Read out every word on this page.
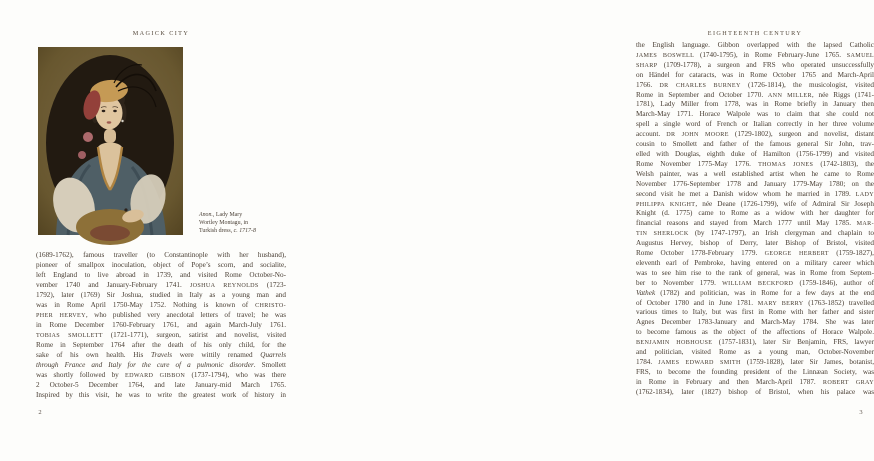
MAGICK CITY
Anon., Lady Mary
Wortley Montagu, in
Turkish dress, c. 1717-8
(1689-1762), famous traveller (to Constantinople with her husband),
pioneer of smallpox inoculation, object of Pope’s scorn, and socialite,
left England to live abroad in 1739, and visited Rome October-No-
vember 1740 and January-February 1741. JOSHUA REYNOLDS (1723-
1792), later (1769) Sir Joshua, studied in Italy as a young man and
was in Rome April 1750-May 1752. Nothing is known of CHRISTO-
PHER HERVEY, who published very anecdotal letters of travel; he was
in Rome December 1760-February 1761, and again March-July 1761.
TOBIAS SMOLLETT (1721-1771), surgeon, satirist and novelist, visited
Rome in September 1764 after the death of his only child, for the
sake of his own health. His Travels were wittily renamed Quarrels
through France and Italy for the cure of a pulmonic disorder. Smollett
was shortly followed by EDWARD GIBBON (1737-1794), who was there
2 October-5 December 1764, and late January-mid March 1765.
Inspired by this visit, he was to write the greatest work of history in
2
EIGHTEENTH CENTURY
the English language. Gibbon overlapped with the lapsed Catholic
JAMES BOSWELL (1740-1795), in Rome February-June 1765. SAMUEL
SHARP (1709-1778), a surgeon and FRS who operated unsuccessfully
on Händel for cataracts, was in Rome October 1765 and March-April
1766. DR CHARLES BURNEY (1726-1814), the musicologist, visited
Rome in September and October 1770. ANN MILLER, née Riggs (1741-
1781), Lady Miller from 1778, was in Rome briefly in January then
March-May 1771. Horace Walpole was to claim that she could not
spell a single word of French or Italian correctly in her three volume
account. DR JOHN MOORE (1729-1802), surgeon and novelist, distant
cousin to Smollett and father of the famous general Sir John, trav-
elled with Douglas, eighth duke of Hamilton (1756-1799) and visited
Rome November 1775-May 1776. THOMAS JONES (1742-1803), the
Welsh painter, was a well established artist when he came to Rome
November 1776-September 1778 and January 1779-May 1780; on the
second visit he met a Danish widow whom he married in 1789. LADY
PHILIPPA KNIGHT, née Deane (1726-1799), wife of Admiral Sir Joseph
Knight (d. 1775) came to Rome as a widow with her daughter for
financial reasons and stayed from March 1777 until May 1785. MAR-
TIN SHERLOCK (by 1747-1797), an Irish clergyman and chaplain to
Augustus Hervey, bishop of Derry, later Bishop of Bristol, visited
Rome October 1778-February 1779. GEORGE HERBERT (1759-1827),
eleventh earl of Pembroke, having entered on a military career which
was to see him rise to the rank of general, was in Rome from Septem-
ber to November 1779. WILLIAM BECKFORD (1759-1846), author of
Vathek (1782) and politician, was in Rome for a few days at the end
of October 1780 and in June 1781. MARY BERRY (1763-1852) travelled
various times to Italy, but was first in Rome with her father and sister
Agnes December 1783-January and March-May 1784. She was later
to become famous as the object of the affections of Horace Walpole.
BENJAMIN HOBHOUSE (1757-1831), later Sir Benjamin, FRS, lawyer
and politician, visited Rome as a young man, October-November
1784. JAMES EDWARD SMITH (1759-1828), later Sir James, botanist,
FRS, to become the founding president of the Linnæan Society, was
in Rome in February and then March-April 1787. ROBERT GRAY
(1762-1834), later (1827) bishop of Bristol, when his palace was
3
